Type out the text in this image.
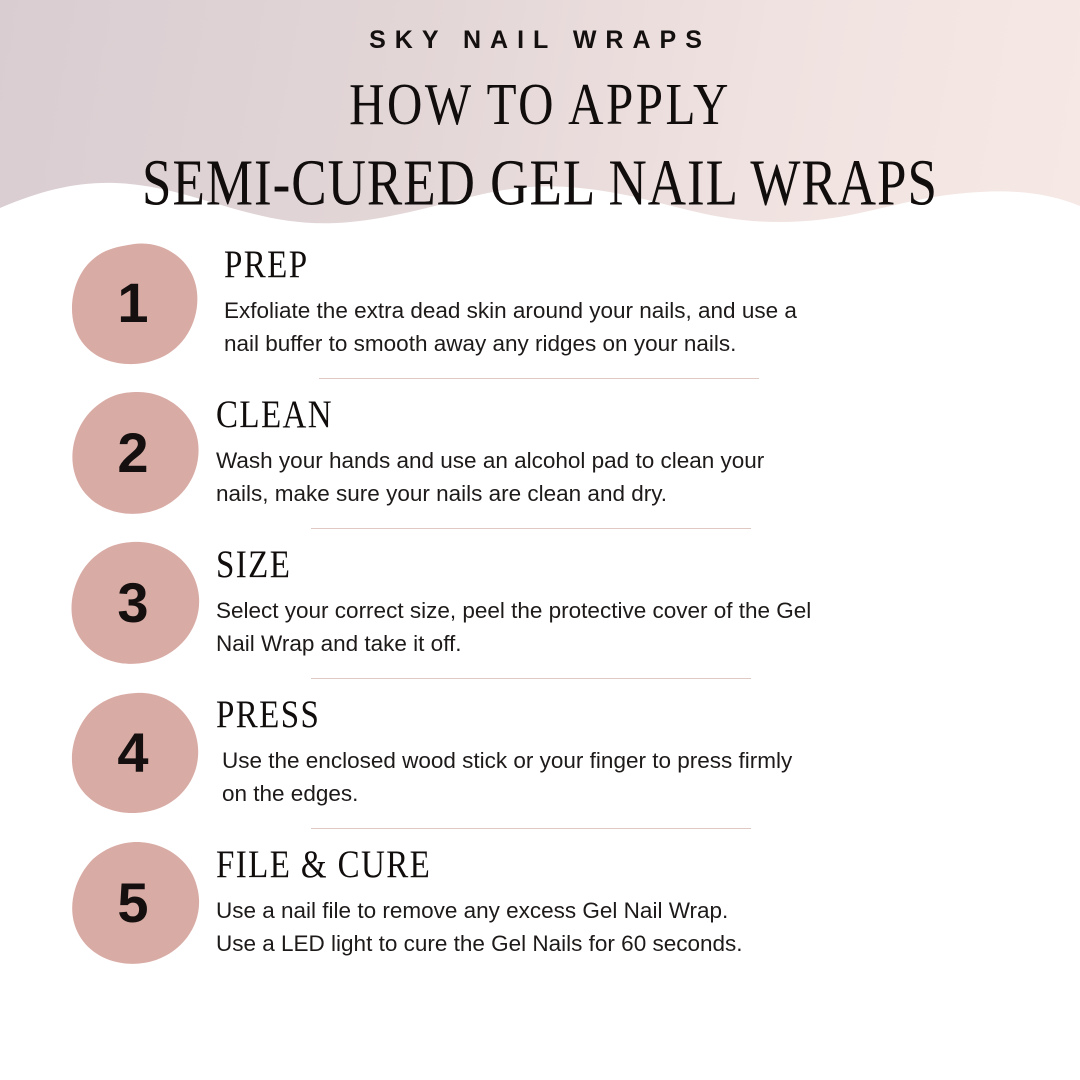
SKY NAIL WRAPS
HOW TO APPLY
SEMI-CURED GEL NAIL WRAPS
1
PREP
Exfoliate the extra dead skin around your nails, and use a
nail buffer to smooth away any ridges on your nails.
2
CLEAN
Wash your hands and use an alcohol pad to clean your
nails, make sure your nails are clean and dry.
3
SIZE
Select your correct size, peel the protective cover of the Gel
Nail Wrap and take it off.
4
PRESS
Use the enclosed wood stick or your finger to press firmly
on the edges.
5
FILE & CURE
Use a nail file to remove any excess Gel Nail Wrap.
Use a LED light to cure the Gel Nails for 60 seconds.
